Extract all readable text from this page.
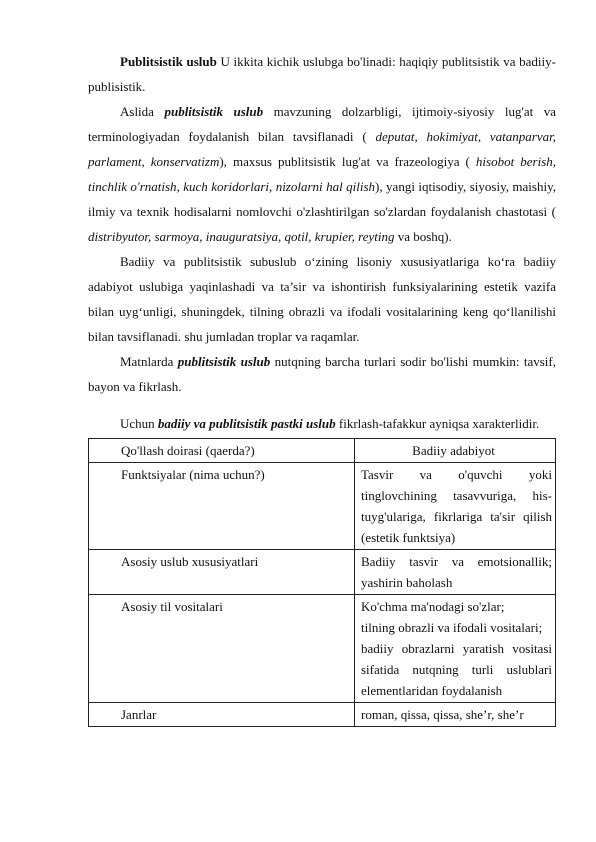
Publitsistik uslub U ikkita kichik uslubga bo'linadi: haqiqiy publitsistik va badiiy-publisistik.

Aslida publitsistik uslub mavzuning dolzarbligi, ijtimoiy-siyosiy lug'at va terminologiyadan foydalanish bilan tavsiflanadi ( deputat, hokimiyat, vatanparvar, parlament, konservatizm), maxsus publitsistik lug'at va frazeologiya ( hisobot berish, tinchlik o'rnatish, kuch koridorlari, nizolarni hal qilish), yangi iqtisodiy, siyosiy, maishiy, ilmiy va texnik hodisalarni nomlovchi o'zlashtirilgan so'zlardan foydalanish chastotasi ( distribyutor, sarmoya, inauguratsiya, qotil, krupier, reyting va boshq).

Badiiy va publitsistik subuslub o‘zining lisoniy xususiyatlariga ko‘ra badiiy adabiyot uslubiga yaqinlashadi va ta’sir va ishontirish funksiyalarining estetik vazifa bilan uyg‘unligi, shuningdek, tilning obrazli va ifodali vositalarining keng qo‘llanilishi bilan tavsiflanadi. shu jumladan troplar va raqamlar.

Matnlarda publitsistik uslub nutqning barcha turlari sodir bo'lishi mumkin: tavsif, bayon va fikrlash.

Uchun badiiy va publitsistik pastki uslub fikrlash-tafakkur ayniqsa xarakterlidir.

Qo'llash doirasi (qaerda?)	Badiiy adabiyot
Funktsiyalar (nima uchun?)	Tasvir va o'quvchi yoki tinglovchining tasavvuriga, his-tuyg'ulariga, fikrlariga ta'sir qilish (estetik funktsiya)
Asosiy uslub xususiyatlari	Badiiy tasvir va emotsionallik; yashirin baholash
Asosiy til vositalari	Ko'chma ma'nodagi so'zlar;
tilning obrazli va ifodali vositalari;
badiiy obrazlarni yaratish vositasi sifatida nutqning turli uslublari elementlaridan foydalanish

Janrlar	roman, qissa, qissa, she’r, she’r
